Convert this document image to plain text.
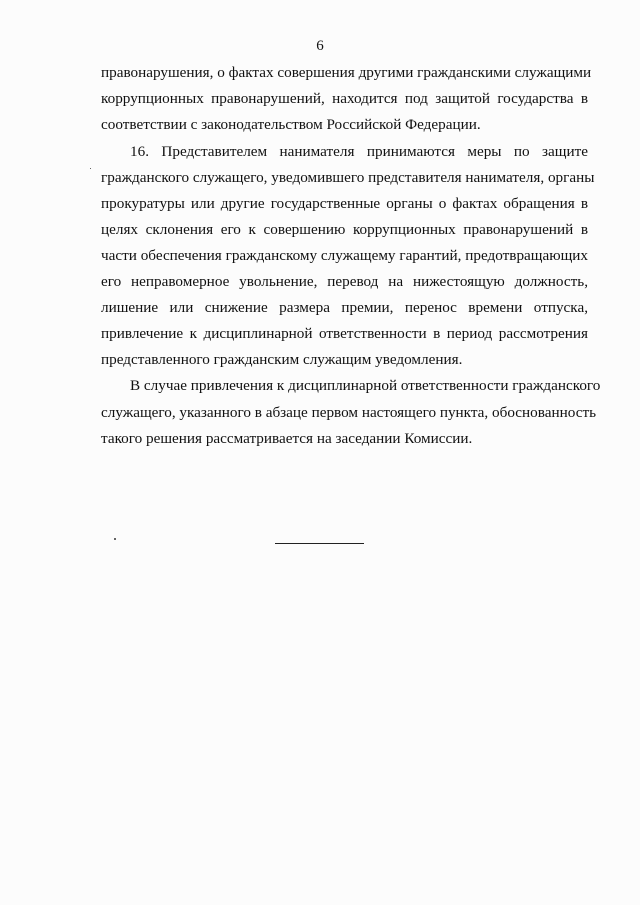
6
правонарушения, о фактах совершения другими гражданскими служащими
коррупционных правонарушений, находится под защитой государства в
соответствии с законодательством Российской Федерации.
16. Представителем нанимателя принимаются меры по защите
гражданского служащего, уведомившего представителя нанимателя, органы
прокуратуры или другие государственные органы о фактах обращения в
целях склонения его к совершению коррупционных правонарушений в
части обеспечения гражданскому служащему гарантий, предотвращающих
его неправомерное увольнение, перевод на нижестоящую должность,
лишение или снижение размера премии, перенос времени отпуска,
привлечение к дисциплинарной ответственности в период рассмотрения
представленного гражданским служащим уведомления.
В случае привлечения к дисциплинарной ответственности гражданского
служащего, указанного в абзаце первом настоящего пункта, обоснованность
такого решения рассматривается на заседании Комиссии.
